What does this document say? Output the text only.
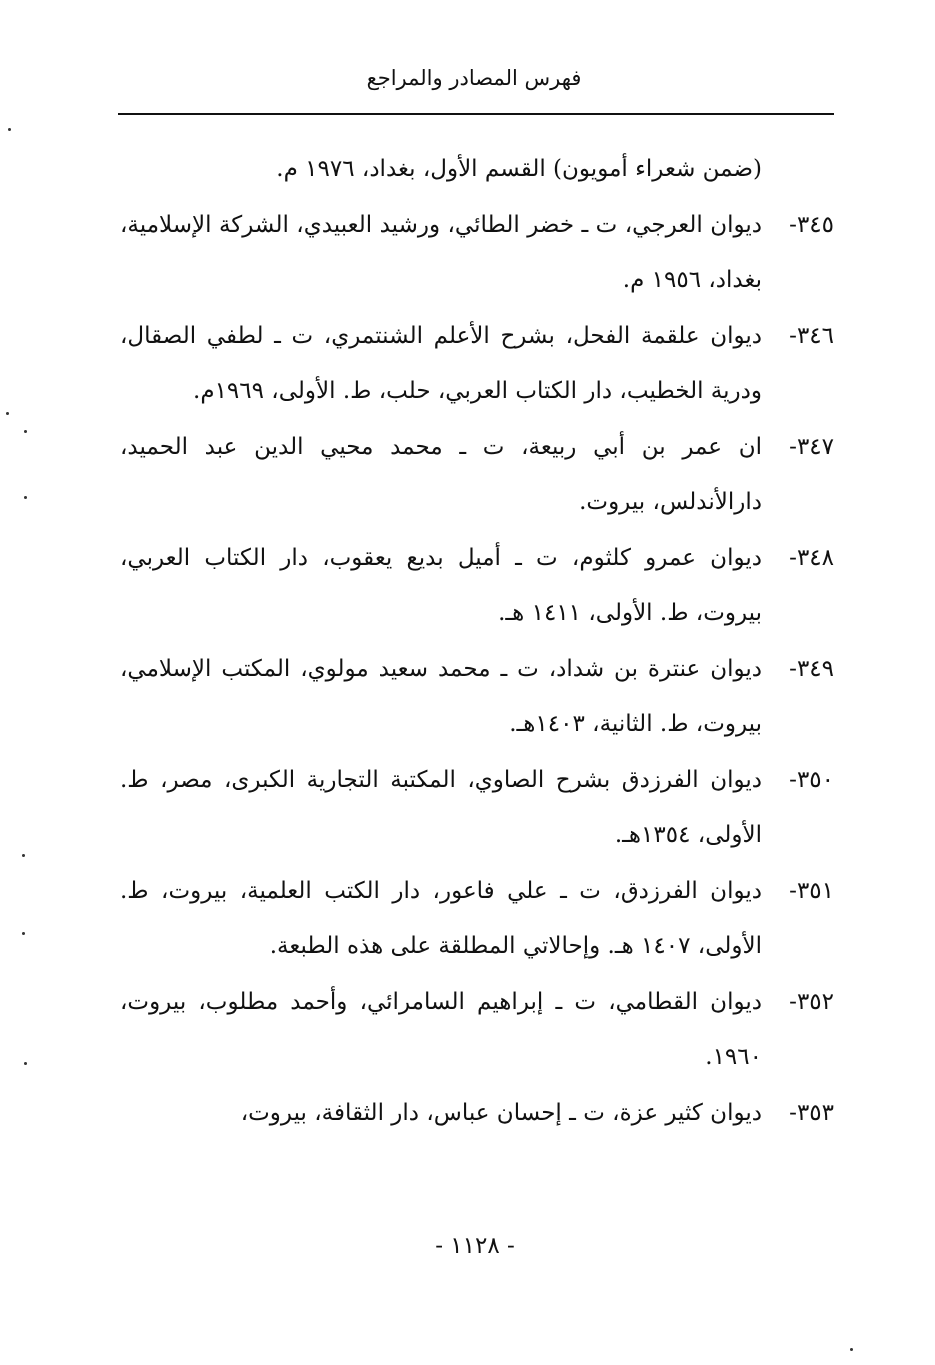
فهرس المصادر والمراجع

(ضمن شعراء أمويون) القسم الأول، بغداد، ١٩٧٦ م.

٣٤٥-

ديوان العرجي، ت ـ خضر الطائي، ورشيد العبيدي، الشركة الإسلامية، بغداد، ١٩٥٦ م.

٣٤٦-

ديوان علقمة الفحل، بشرح الأعلم الشنتمري، ت ـ لطفي الصقال، ودرية الخطيب، دار الكتاب العربي، حلب، ط. الأولى، ١٩٦٩م.

٣٤٧-

ان عمر بن أبي ربيعة، ت ـ محمد محيي الدين عبد الحميد، دارالأندلس، بيروت.

٣٤٨-

ديوان عمرو كلثوم، ت ـ أميل بديع يعقوب، دار الكتاب العربي، بيروت، ط. الأولى، ١٤١١ هـ.

٣٤٩-

ديوان عنترة بن شداد، ت ـ محمد سعيد مولوي، المكتب الإسلامي، بيروت، ط. الثانية، ١٤٠٣هـ.

٣٥٠-

ديوان الفرزدق بشرح الصاوي، المكتبة التجارية الكبرى، مصر، ط. الأولى، ١٣٥٤هـ.

٣٥١-

ديوان الفرزدق، ت ـ علي فاعور، دار الكتب العلمية، بيروت، ط. الأولى، ١٤٠٧ هـ. وإحالاتي المطلقة على هذه الطبعة.

٣٥٢-

ديوان القطامي، ت ـ إبراهيم السامرائي، وأحمد مطلوب، بيروت، ١٩٦٠.

٣٥٣-

ديوان كثير عزة، ت ـ إحسان عباس، دار الثقافة، بيروت،

- ١١٢٨ -
